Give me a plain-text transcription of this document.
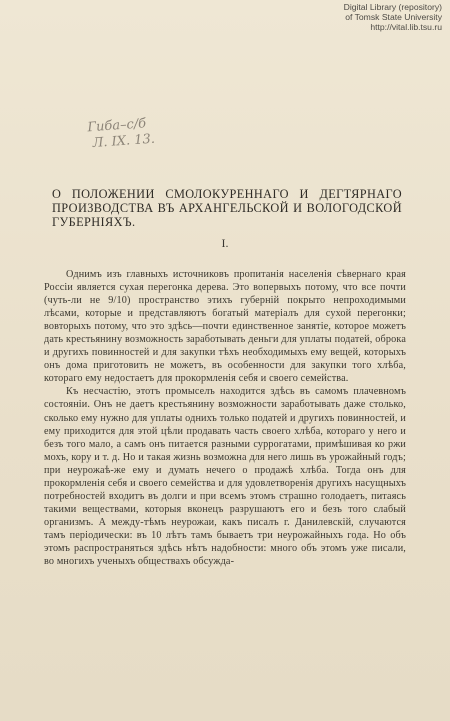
Digital Library (repository)
of Tomsk State University
http://vital.lib.tsu.ru
Гиба–с/б
Л. IX. 13.
О ПОЛОЖЕНИИ СМОЛОКУРЕННАГО И ДЕГТЯРНАГО ПРОИЗВОДСТВА ВЪ АРХАНГЕЛЬСКОЙ И ВОЛОГОДСКОЙ ГУБЕРНІЯХЪ.
I.

Однимъ изъ главныхъ источниковъ пропитанія населенія сѣвернаго края Россіи является сухая перегонка дерева. Это вопервыхъ потому, что все почти (чуть-ли не 9/10) пространство этихъ губерній покрыто непроходимыми лѣсами, которые и представляютъ богатый матеріалъ для сухой перегонки; вовторыхъ потому, что это здѣсь—почти единственное занятіе, которое можетъ дать крестьянину возможность заработывать деньги для уплаты податей, оброка и другихъ повинностей и для закупки тѣхъ необходимыхъ ему вещей, которыхъ онъ дома приготовить не можетъ, въ особенности для закупки того хлѣба, котораго ему недостаетъ для прокормленія себя и своего семейства.

Къ несчастію, этотъ промыселъ находится здѣсь въ самомъ плачевномъ состояніи. Онъ не даетъ крестьянину возможности заработывать даже столько, сколько ему нужно для уплаты однихъ только податей и другихъ повинностей, и ему приходится для этой цѣли продавать часть своего хлѣба, котораго у него и безъ того мало, а самъ онъ питается разными суррогатами, примѣшивая ко ржи мохъ, кору и т. д. Но и такая жизнь возможна для него лишь въ урожайный годъ; при неурожаѣ-же ему и думать нечего о продажѣ хлѣба. Тогда онъ для прокормленія себя и своего семейства и для удовлетворенія другихъ насущныхъ потребностей входитъ въ долги и при всемъ этомъ страшно голодаетъ, питаясь такими веществами, которыя вконецъ разрушаютъ его и безъ того слабый организмъ. А между-тѣмъ неурожаи, какъ писалъ г. Данилевскій, случаются тамъ періодически: въ 10 лѣтъ тамъ бываетъ три неурожайныхъ года. Но объ этомъ распространяться здѣсь нѣтъ надобности: много объ этомъ уже писали, во многихъ ученыхъ обществахъ обсужда-
